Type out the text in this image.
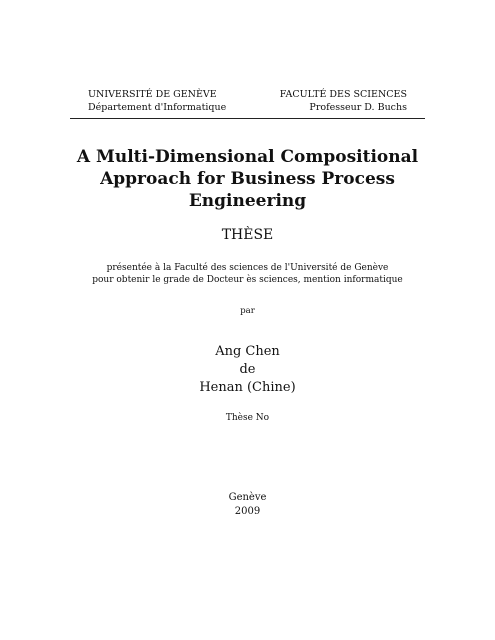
UNIVERSITÉ DE GENÈVE
Département d'Informatique
FACULTÉ DES SCIENCES
Professeur D. Buchs
A Multi-Dimensional Compositional
Approach for Business Process
Engineering
THÈSE
présentée à la Faculté des sciences de l'Université de Genève
pour obtenir le grade de Docteur ès sciences, mention informatique
par
Ang Chen
de
Henan (Chine)
Thèse No
Genève
2009
